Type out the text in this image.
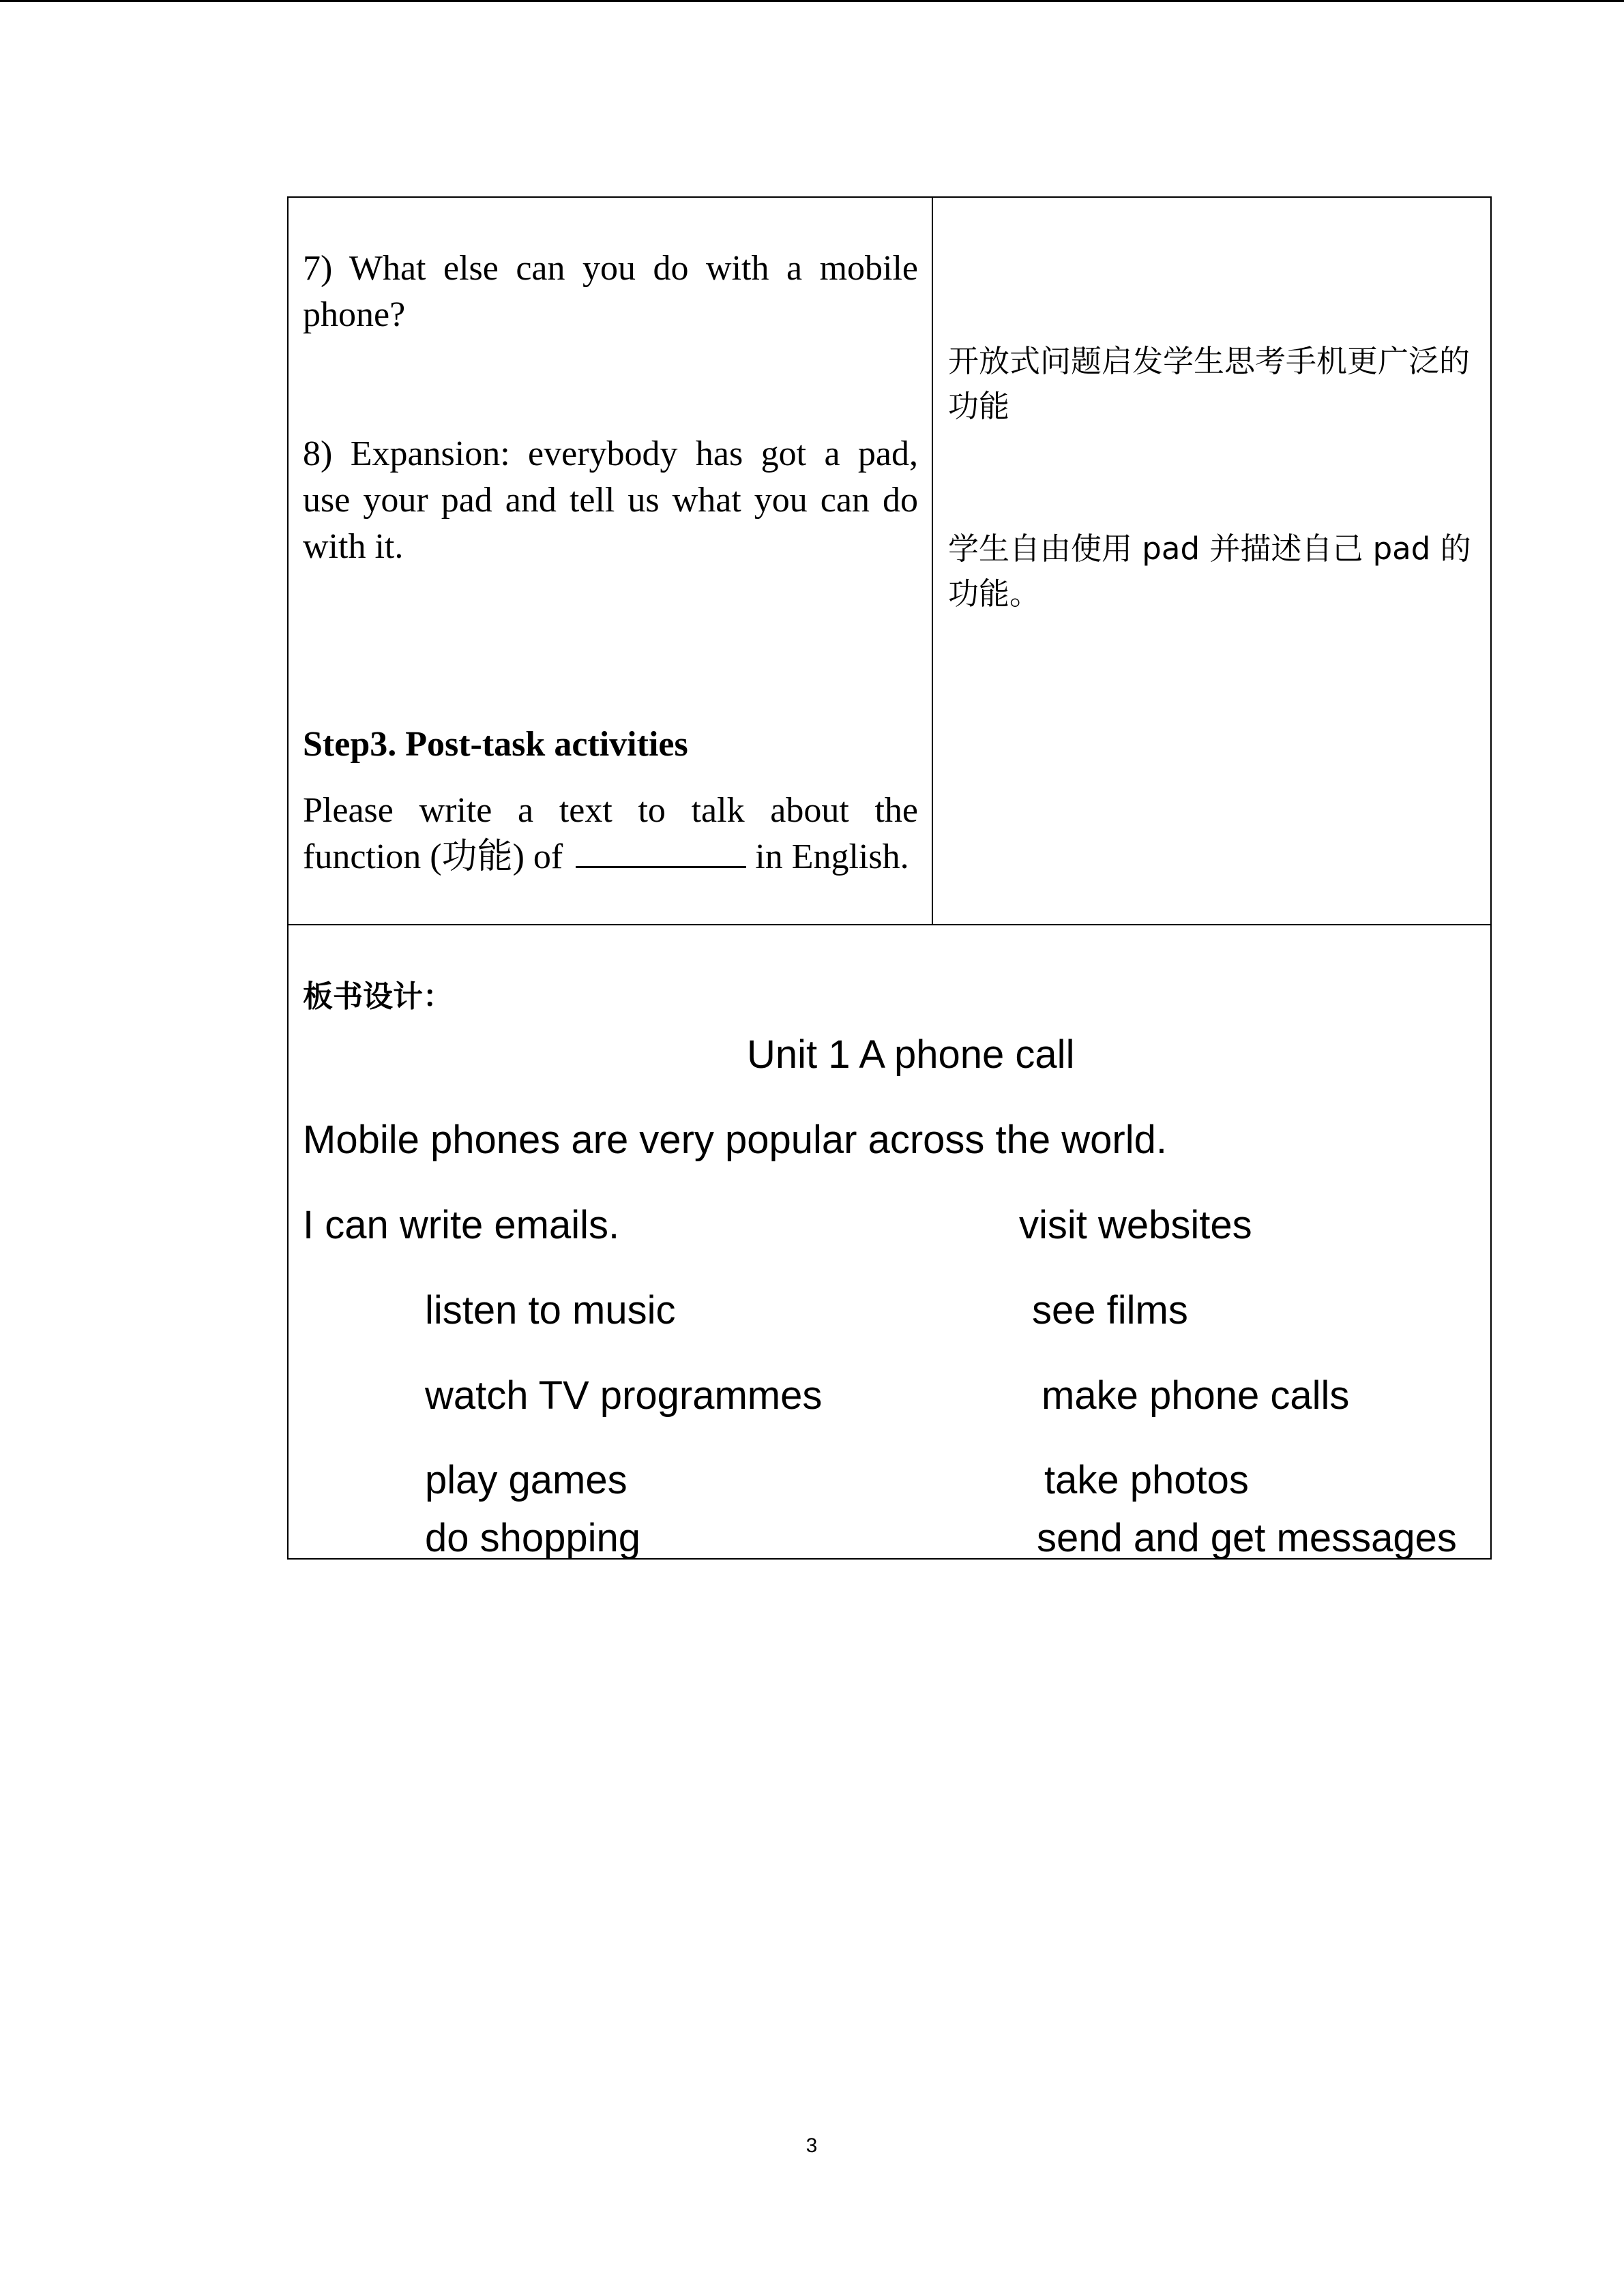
7) What else can you do with a mobile phone?

8) Expansion: everybody has got a pad, use your pad and tell us what you can do with it.

Step3. Post-task activities

Please write a text to talk about the function (功能) of	in English.

开放式问题启发学生思考手机更广泛的功能

学生自由使用 pad 并描述自己 pad 的功能。

板书设计：
Unit 1 A phone call
Mobile phones are very popular across the world.
I can write emails.	visit websites
listen to music	see films
watch TV programmes	make phone calls
play games	take photos
do shopping	send and get messages
3
